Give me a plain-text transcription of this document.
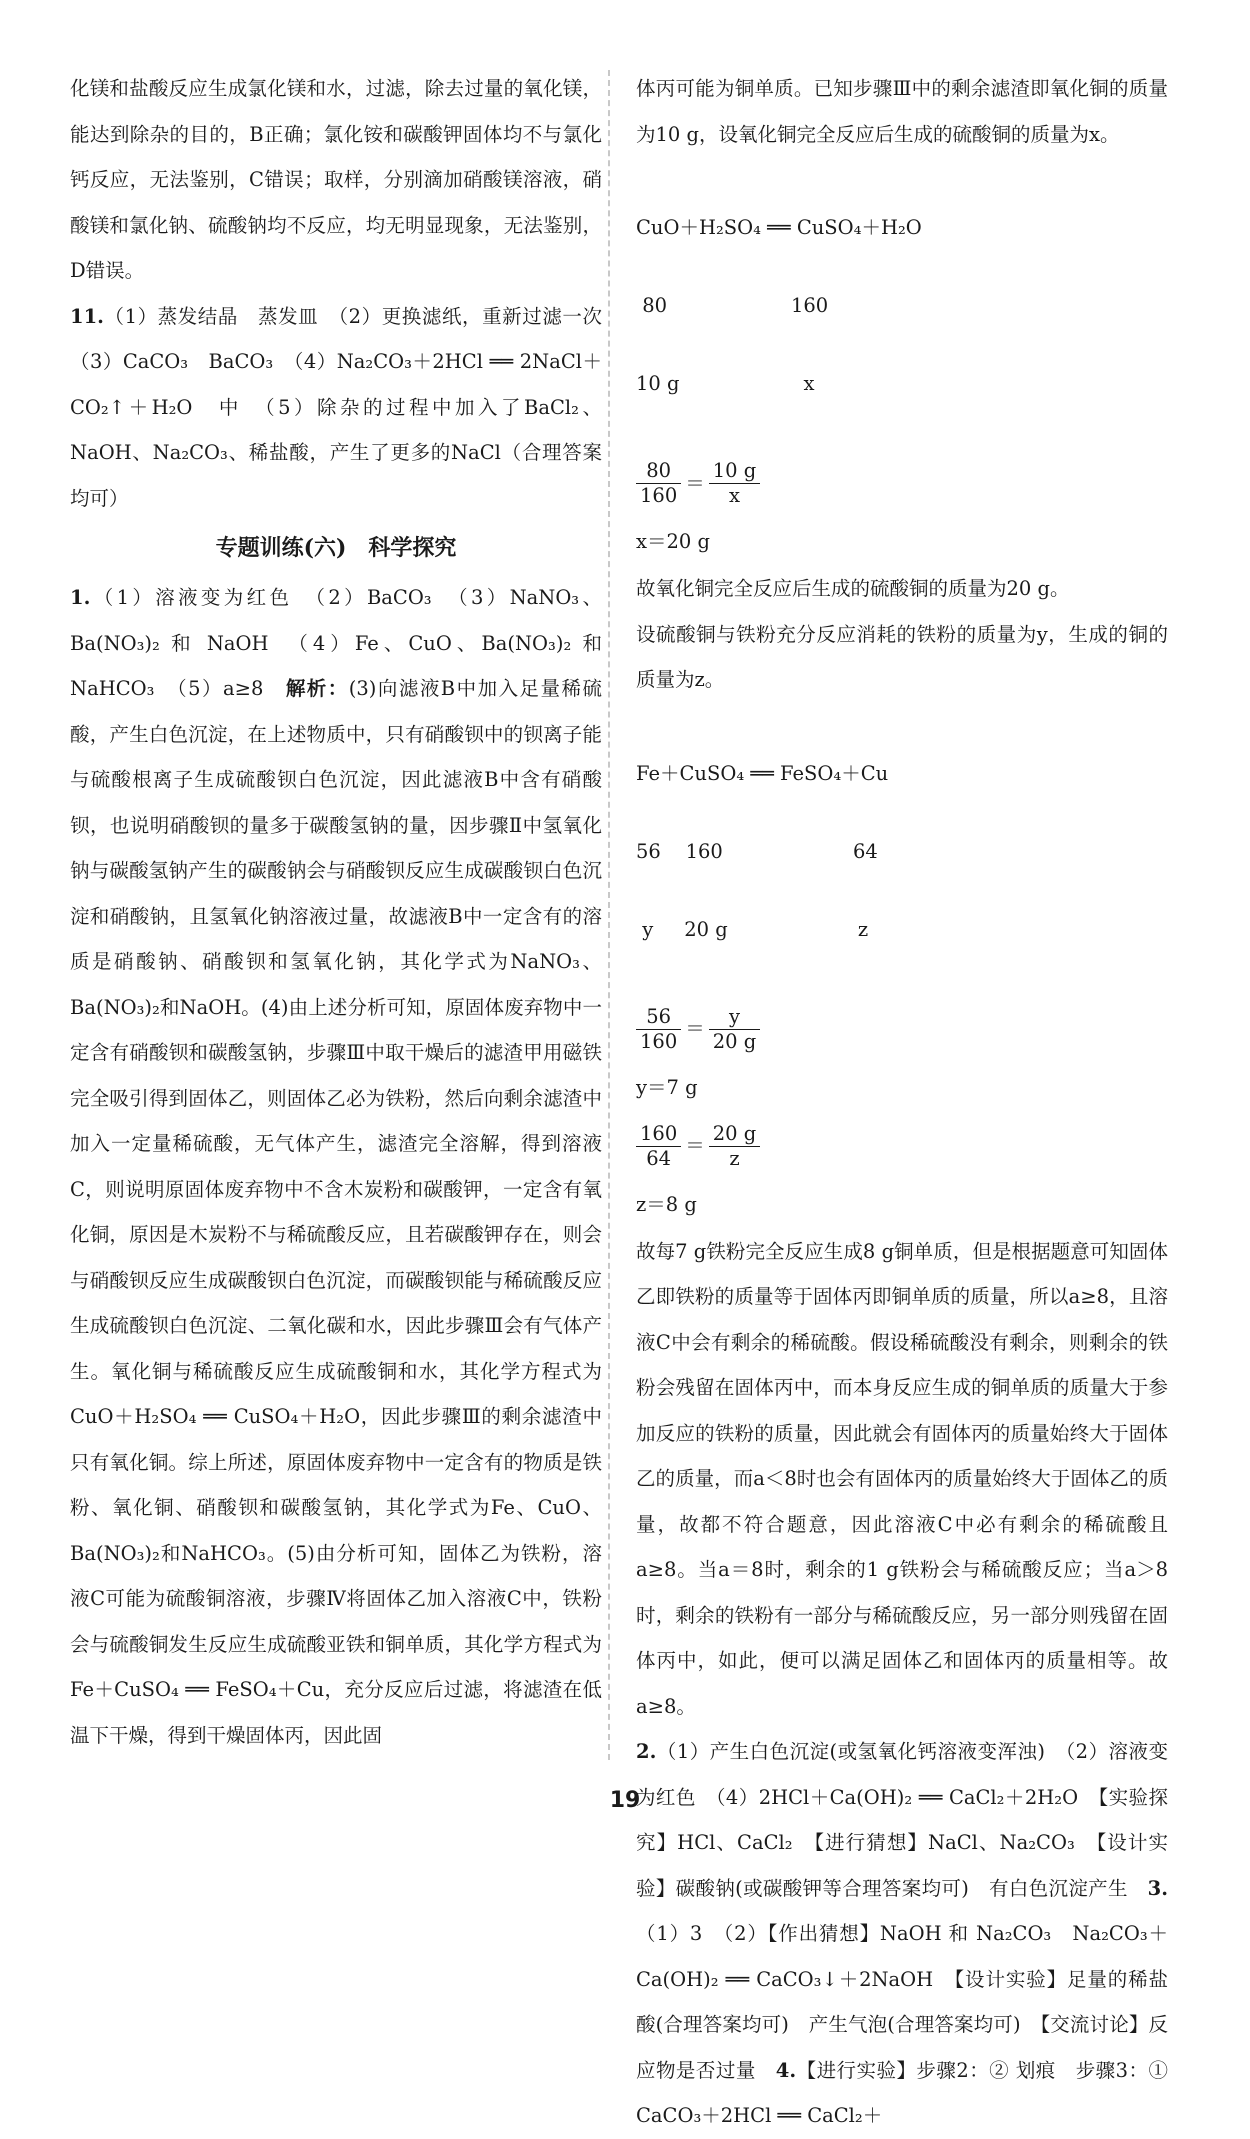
化镁和盐酸反应生成氯化镁和水，过滤，除去过量的氧化镁，能达到除杂的目的，B正确；氯化铵和碳酸钾固体均不与氯化钙反应，无法鉴别，C错误；取样，分别滴加硝酸镁溶液，硝酸镁和氯化钠、硫酸钠均不反应，均无明显现象，无法鉴别，D错误。

11.（1）蒸发结晶　蒸发皿　（2）更换滤纸，重新过滤一次　（3）CaCO₃　BaCO₃　（4）Na₂CO₃＋2HCl ══ 2NaCl＋CO₂↑＋H₂O　中　（5）除杂的过程中加入了BaCl₂、NaOH、Na₂CO₃、稀盐酸，产生了更多的NaCl（合理答案均可）

专题训练(六)　科学探究

1.（1）溶液变为红色　（2）BaCO₃　（3）NaNO₃、Ba(NO₃)₂ 和 NaOH　（4）Fe、CuO、Ba(NO₃)₂ 和 NaHCO₃　（5）a≥8　解析：(3)向滤液B中加入足量稀硫酸，产生白色沉淀，在上述物质中，只有硝酸钡中的钡离子能与硫酸根离子生成硫酸钡白色沉淀，因此滤液B中含有硝酸钡，也说明硝酸钡的量多于碳酸氢钠的量，因步骤Ⅱ中氢氧化钠与碳酸氢钠产生的碳酸钠会与硝酸钡反应生成碳酸钡白色沉淀和硝酸钠，且氢氧化钠溶液过量，故滤液B中一定含有的溶质是硝酸钠、硝酸钡和氢氧化钠，其化学式为NaNO₃、Ba(NO₃)₂和NaOH。(4)由上述分析可知，原固体废弃物中一定含有硝酸钡和碳酸氢钠，步骤Ⅲ中取干燥后的滤渣甲用磁铁完全吸引得到固体乙，则固体乙必为铁粉，然后向剩余滤渣中加入一定量稀硫酸，无气体产生，滤渣完全溶解，得到溶液C，则说明原固体废弃物中不含木炭粉和碳酸钾，一定含有氧化铜，原因是木炭粉不与稀硫酸反应，且若碳酸钾存在，则会与硝酸钡反应生成碳酸钡白色沉淀，而碳酸钡能与稀硫酸反应生成硫酸钡白色沉淀、二氧化碳和水，因此步骤Ⅲ会有气体产生。氧化铜与稀硫酸反应生成硫酸铜和水，其化学方程式为CuO＋H₂SO₄ ══ CuSO₄＋H₂O，因此步骤Ⅲ的剩余滤渣中只有氧化铜。综上所述，原固体废弃物中一定含有的物质是铁粉、氧化铜、硝酸钡和碳酸氢钠，其化学式为Fe、CuO、Ba(NO₃)₂和NaHCO₃。(5)由分析可知，固体乙为铁粉，溶液C可能为硫酸铜溶液，步骤Ⅳ将固体乙加入溶液C中，铁粉会与硫酸铜发生反应生成硫酸亚铁和铜单质，其化学方程式为Fe＋CuSO₄ ══ FeSO₄＋Cu，充分反应后过滤，将滤渣在低温下干燥，得到干燥固体丙，因此固

体丙可能为铜单质。已知步骤Ⅲ中的剩余滤渣即氧化铜的质量为10 g，设氧化铜完全反应后生成的硫酸铜的质量为x。

CuO＋H₂SO₄ ══ CuSO₄＋H₂O

80                    160

10 g                    x

$\frac{80}{160} = \frac{10 g}{x}$

x＝20 g

故氧化铜完全反应后生成的硫酸铜的质量为20 g。

设硫酸铜与铁粉充分反应消耗的铁粉的质量为y，生成的铜的质量为z。

Fe＋CuSO₄ ══ FeSO₄＋Cu

56    160                     64

y     20 g                     z

$\frac{56}{160} = \frac{y}{20 g}$

y＝7 g

$\frac{160}{64} = \frac{20 g}{z}$

z＝8 g

故每7 g铁粉完全反应生成8 g铜单质，但是根据题意可知固体乙即铁粉的质量等于固体丙即铜单质的质量，所以a≥8，且溶液C中会有剩余的稀硫酸。假设稀硫酸没有剩余，则剩余的铁粉会残留在固体丙中，而本身反应生成的铜单质的质量大于参加反应的铁粉的质量，因此就会有固体丙的质量始终大于固体乙的质量，而a＜8时也会有固体丙的质量始终大于固体乙的质量，故都不符合题意，因此溶液C中必有剩余的稀硫酸且a≥8。当a＝8时，剩余的1 g铁粉会与稀硫酸反应；当a＞8时，剩余的铁粉有一部分与稀硫酸反应，另一部分则残留在固体丙中，如此，便可以满足固体乙和固体丙的质量相等。故a≥8。

2.（1）产生白色沉淀(或氢氧化钙溶液变浑浊)　（2）溶液变为红色　（4）2HCl＋Ca(OH)₂ ══ CaCl₂＋2H₂O　【实验探究】HCl、CaCl₂　【进行猜想】NaCl、Na₂CO₃　【设计实验】碳酸钠(或碳酸钾等合理答案均可)　有白色沉淀产生　3.（1）3　（2）【作出猜想】NaOH 和 Na₂CO₃　Na₂CO₃＋Ca(OH)₂ ══ CaCO₃↓＋2NaOH　【设计实验】足量的稀盐酸(合理答案均可)　产生气泡(合理答案均可)　【交流讨论】反应物是否过量　4.【进行实验】步骤2：② 划痕　步骤3：① CaCO₃＋2HCl ══ CaCl₂＋

19
